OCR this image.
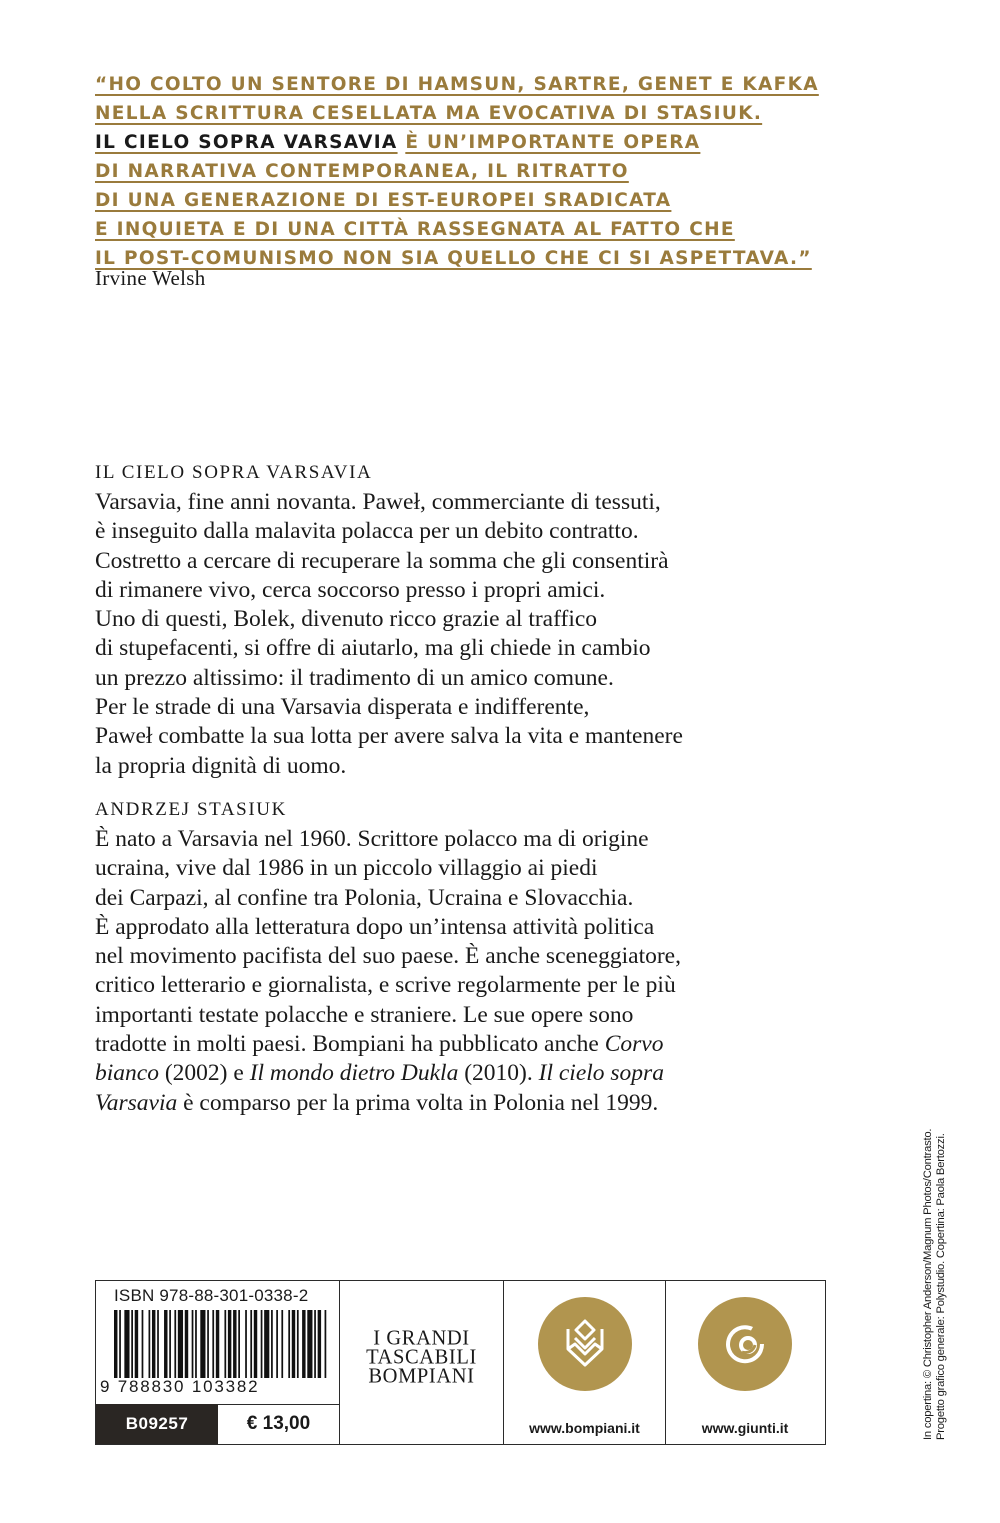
“HO COLTO UN SENTORE DI HAMSUN, SARTRE, GENET E KAFKA
NELLA SCRITTURA CESELLATA MA EVOCATIVA DI STASIUK.
IL CIELO SOPRA VARSAVIA È UN’IMPORTANTE OPERA
DI NARRATIVA CONTEMPORANEA, IL RITRATTO
DI UNA GENERAZIONE DI EST-EUROPEI SRADICATA
E INQUIETA E DI UNA CITTÀ RASSEGNATA AL FATTO CHE
IL POST-COMUNISMO NON SIA QUELLO CHE CI SI ASPETTAVA.”
Irvine Welsh
IL CIELO SOPRA VARSAVIA

Varsavia, fine anni novanta. Paweł, commerciante di tessuti,

è inseguito dalla malavita polacca per un debito contratto.

Costretto a cercare di recuperare la somma che gli consentirà

di rimanere vivo, cerca soccorso presso i propri amici.

Uno di questi, Bolek, divenuto ricco grazie al traffico

di stupefacenti, si offre di aiutarlo, ma gli chiede in cambio

un prezzo altissimo: il tradimento di un amico comune.

Per le strade di una Varsavia disperata e indifferente,

Paweł combatte la sua lotta per avere salva la vita e mantenere

la propria dignità di uomo.

ANDRZEJ STASIUK

È nato a Varsavia nel 1960. Scrittore polacco ma di origine

ucraina, vive dal 1986 in un piccolo villaggio ai piedi

dei Carpazi, al confine tra Polonia, Ucraina e Slovacchia.

È approdato alla letteratura dopo un’intensa attività politica

nel movimento pacifista del suo paese. È anche sceneggiatore,

critico letterario e giornalista, e scrive regolarmente per le più

importanti testate polacche e straniere. Le sue opere sono

tradotte in molti paesi. Bompiani ha pubblicato anche Corvo

bianco (2002) e Il mondo dietro Dukla (2010). Il cielo sopra

Varsavia è comparso per la prima volta in Polonia nel 1999.

In copertina: © Christopher Anderson/Magnum Photos/Contrasto. Progetto grafico generale: Polystudio. Copertina: Paola Bertozzi.
ISBN 978-88-301-0338-2
9 788830 103382
B09257	€ 13,00
I GRANDI
TASCABILI
BOMPIANI
www.bompiani.it	www.giunti.it
